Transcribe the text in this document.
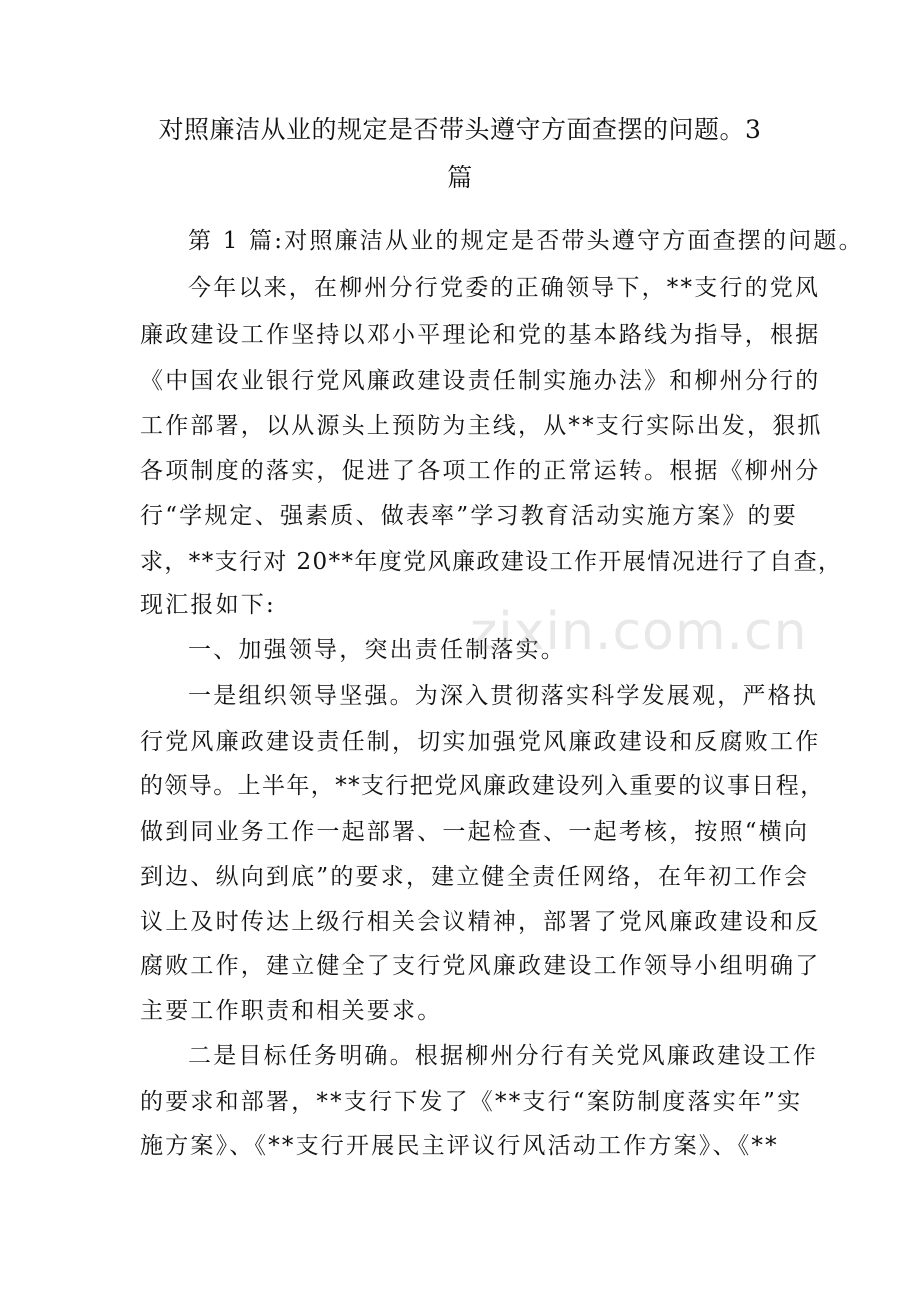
对照廉洁从业的规定是否带头遵守方面查摆的问题。3
篇
第 1 篇:对照廉洁从业的规定是否带头遵守方面查摆的问题。
今年以来，在柳州分行党委的正确领导下，**支行的党风
廉政建设工作坚持以邓小平理论和党的基本路线为指导，根据
《中国农业银行党风廉政建设责任制实施办法》和柳州分行的
工作部署，以从源头上预防为主线，从**支行实际出发，狠抓
各项制度的落实，促进了各项工作的正常运转。根据《柳州分
行“学规定、强素质、做表率”学习教育活动实施方案》的要
求，**支行对 20**年度党风廉政建设工作开展情况进行了自查，
现汇报如下:
一、加强领导，突出责任制落实。
一是组织领导坚强。为深入贯彻落实科学发展观，严格执
行党风廉政建设责任制，切实加强党风廉政建设和反腐败工作
的领导。上半年，**支行把党风廉政建设列入重要的议事日程，
做到同业务工作一起部署、一起检查、一起考核，按照“横向
到边、纵向到底”的要求，建立健全责任网络，在年初工作会
议上及时传达上级行相关会议精神，部署了党风廉政建设和反
腐败工作，建立健全了支行党风廉政建设工作领导小组明确了
主要工作职责和相关要求。
二是目标任务明确。根据柳州分行有关党风廉政建设工作
的要求和部署，**支行下发了《**支行“案防制度落实年”实
施方案》、《**支行开展民主评议行风活动工作方案》、《**
zixin.com.cn
